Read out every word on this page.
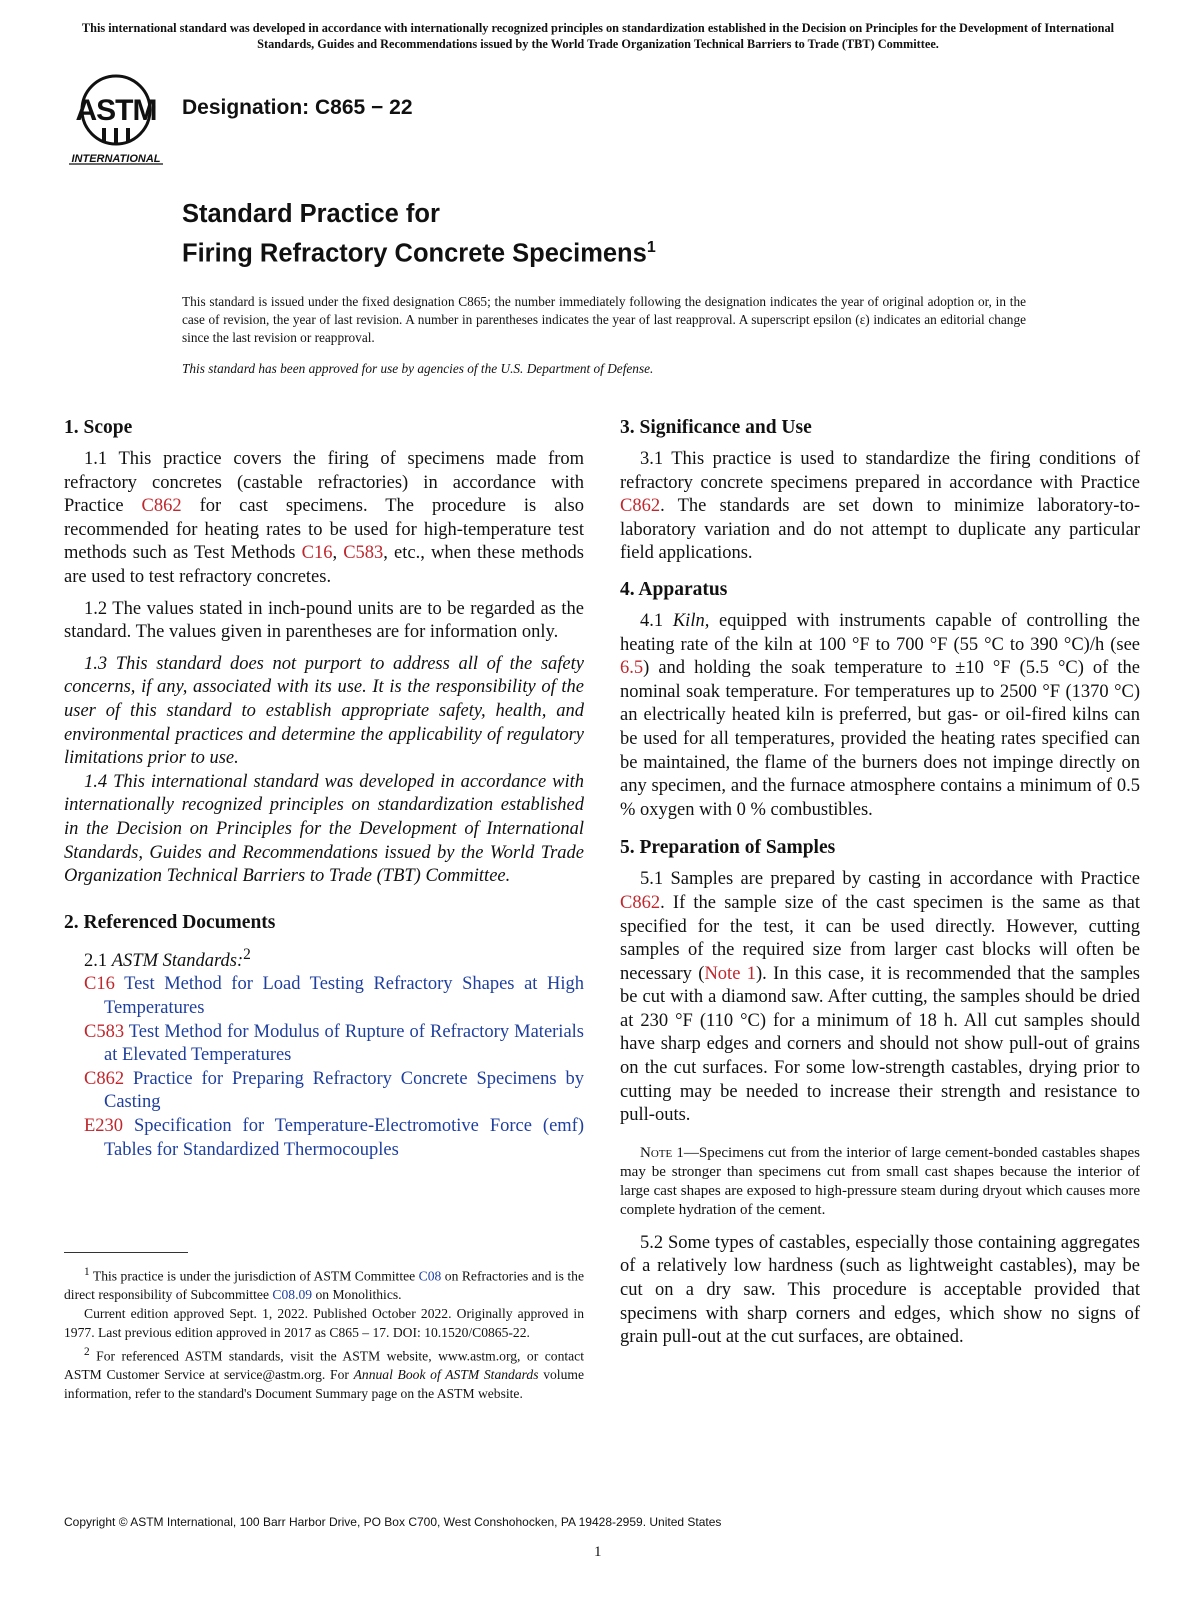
This international standard was developed in accordance with internationally recognized principles on standardization established in the Decision on Principles for the Development of International Standards, Guides and Recommendations issued by the World Trade Organization Technical Barriers to Trade (TBT) Committee.
ASTM
INTERNATIONAL
Designation: C865 − 22
Standard Practice for
Firing Refractory Concrete Specimens$^1$
This standard is issued under the fixed designation C865; the number immediately following the designation indicates the year of original adoption or, in the case of revision, the year of last revision. A number in parentheses indicates the year of last reapproval. A superscript epsilon (ε) indicates an editorial change since the last revision or reapproval.
This standard has been approved for use by agencies of the U.S. Department of Defense.
1. Scope

1.1 This practice covers the firing of specimens made from refractory concretes (castable refractories) in accordance with Practice C862 for cast specimens. The procedure is also recommended for heating rates to be used for high-temperature test methods such as Test Methods C16, C583, etc., when these methods are used to test refractory concretes.

1.2 The values stated in inch-pound units are to be regarded as the standard. The values given in parentheses are for information only.

1.3 This standard does not purport to address all of the safety concerns, if any, associated with its use. It is the responsibility of the user of this standard to establish appropriate safety, health, and environmental practices and determine the applicability of regulatory limitations prior to use.

1.4 This international standard was developed in accordance with internationally recognized principles on standardization established in the Decision on Principles for the Development of International Standards, Guides and Recommendations issued by the World Trade Organization Technical Barriers to Trade (TBT) Committee.

2. Referenced Documents

2.1 ASTM Standards:$^2$

C16 Test Method for Load Testing Refractory Shapes at High Temperatures

C583 Test Method for Modulus of Rupture of Refractory Materials at Elevated Temperatures

C862 Practice for Preparing Refractory Concrete Specimens by Casting

E230 Specification for Temperature-Electromotive Force (emf) Tables for Standardized Thermocouples

$^1$ This practice is under the jurisdiction of ASTM Committee C08 on Refractories and is the direct responsibility of Subcommittee C08.09 on Monolithics.

Current edition approved Sept. 1, 2022. Published October 2022. Originally approved in 1977. Last previous edition approved in 2017 as C865 – 17. DOI: 10.1520/C0865-22.

$^2$ For referenced ASTM standards, visit the ASTM website, www.astm.org, or contact ASTM Customer Service at service@astm.org. For Annual Book of ASTM Standards volume information, refer to the standard's Document Summary page on the ASTM website.

3. Significance and Use

3.1 This practice is used to standardize the firing conditions of refractory concrete specimens prepared in accordance with Practice C862. The standards are set down to minimize laboratory-to-laboratory variation and do not attempt to duplicate any particular field applications.

4. Apparatus

4.1 Kiln, equipped with instruments capable of controlling the heating rate of the kiln at 100 °F to 700 °F (55 °C to 390 °C)/h (see 6.5) and holding the soak temperature to ±10 °F (5.5 °C) of the nominal soak temperature. For temperatures up to 2500 °F (1370 °C) an electrically heated kiln is preferred, but gas- or oil-fired kilns can be used for all temperatures, provided the heating rates specified can be maintained, the flame of the burners does not impinge directly on any specimen, and the furnace atmosphere contains a minimum of 0.5 % oxygen with 0 % combustibles.

5. Preparation of Samples

5.1 Samples are prepared by casting in accordance with Practice C862. If the sample size of the cast specimen is the same as that specified for the test, it can be used directly. However, cutting samples of the required size from larger cast blocks will often be necessary (Note 1). In this case, it is recommended that the samples be cut with a diamond saw. After cutting, the samples should be dried at 230 °F (110 °C) for a minimum of 18 h. All cut samples should have sharp edges and corners and should not show pull-out of grains on the cut surfaces. For some low-strength castables, drying prior to cutting may be needed to increase their strength and resistance to pull-outs.

Note 1—Specimens cut from the interior of large cement-bonded castables shapes may be stronger than specimens cut from small cast shapes because the interior of large cast shapes are exposed to high-pressure steam during dryout which causes more complete hydration of the cement.

5.2 Some types of castables, especially those containing aggregates of a relatively low hardness (such as lightweight castables), may be cut on a dry saw. This procedure is acceptable provided that specimens with sharp corners and edges, which show no signs of grain pull-out at the cut surfaces, are obtained.

Copyright © ASTM International, 100 Barr Harbor Drive, PO Box C700, West Conshohocken, PA 19428-2959. United States
1
